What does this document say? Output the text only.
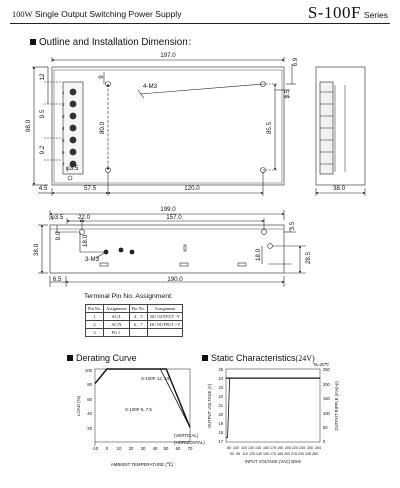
100W Single Output Switching Power Supply	S-100F Series
Outline and Installation Dimension：
197.0
98.0
12
9.5
9.2
9
4-M3
80.0	85.5
6.9
3.5
φ3.5
4.5	57.5	120.0	38.0
199.0
φ3.5 22.0	157.0
9.0	18.0
3-M3
38.0	18.0
3.5
28.5
6.5	190.0
1
2
3
4
5
6
7
100
80
60
40
20
-10 0 10 20 30 40 50 60 70
LOAD (%)
AMBIENT TEMPERATURE (℃)
(VERTICAL)
(HORIZONTAL)
S-100F-12, 24
S-100F-5, 7.5
25
24
23
22
21
20
19
18
17
250
200
150
100
50
0
85 100 115 130 145 160 175 190 205 220 235 250 264
90 95 110 125 140 155 170 185 200 215 230 245 260
Ta=25℃
OUTPUT VOLTAGE (V)	OUTPUT RIPPLE (mVp-p)
INPUT VOLTAGE (VAC) 60Hz
Terminal Pin No. Assignment:
Pin No.	Assignment	Pin No.	Assignment
1	AC/L	4、5	DC OUTPUT -V
2	AC/N	6、7	DC OUTPUT +V
3	FG⏚		
Derating Curve	Static Characteristics(24V)
